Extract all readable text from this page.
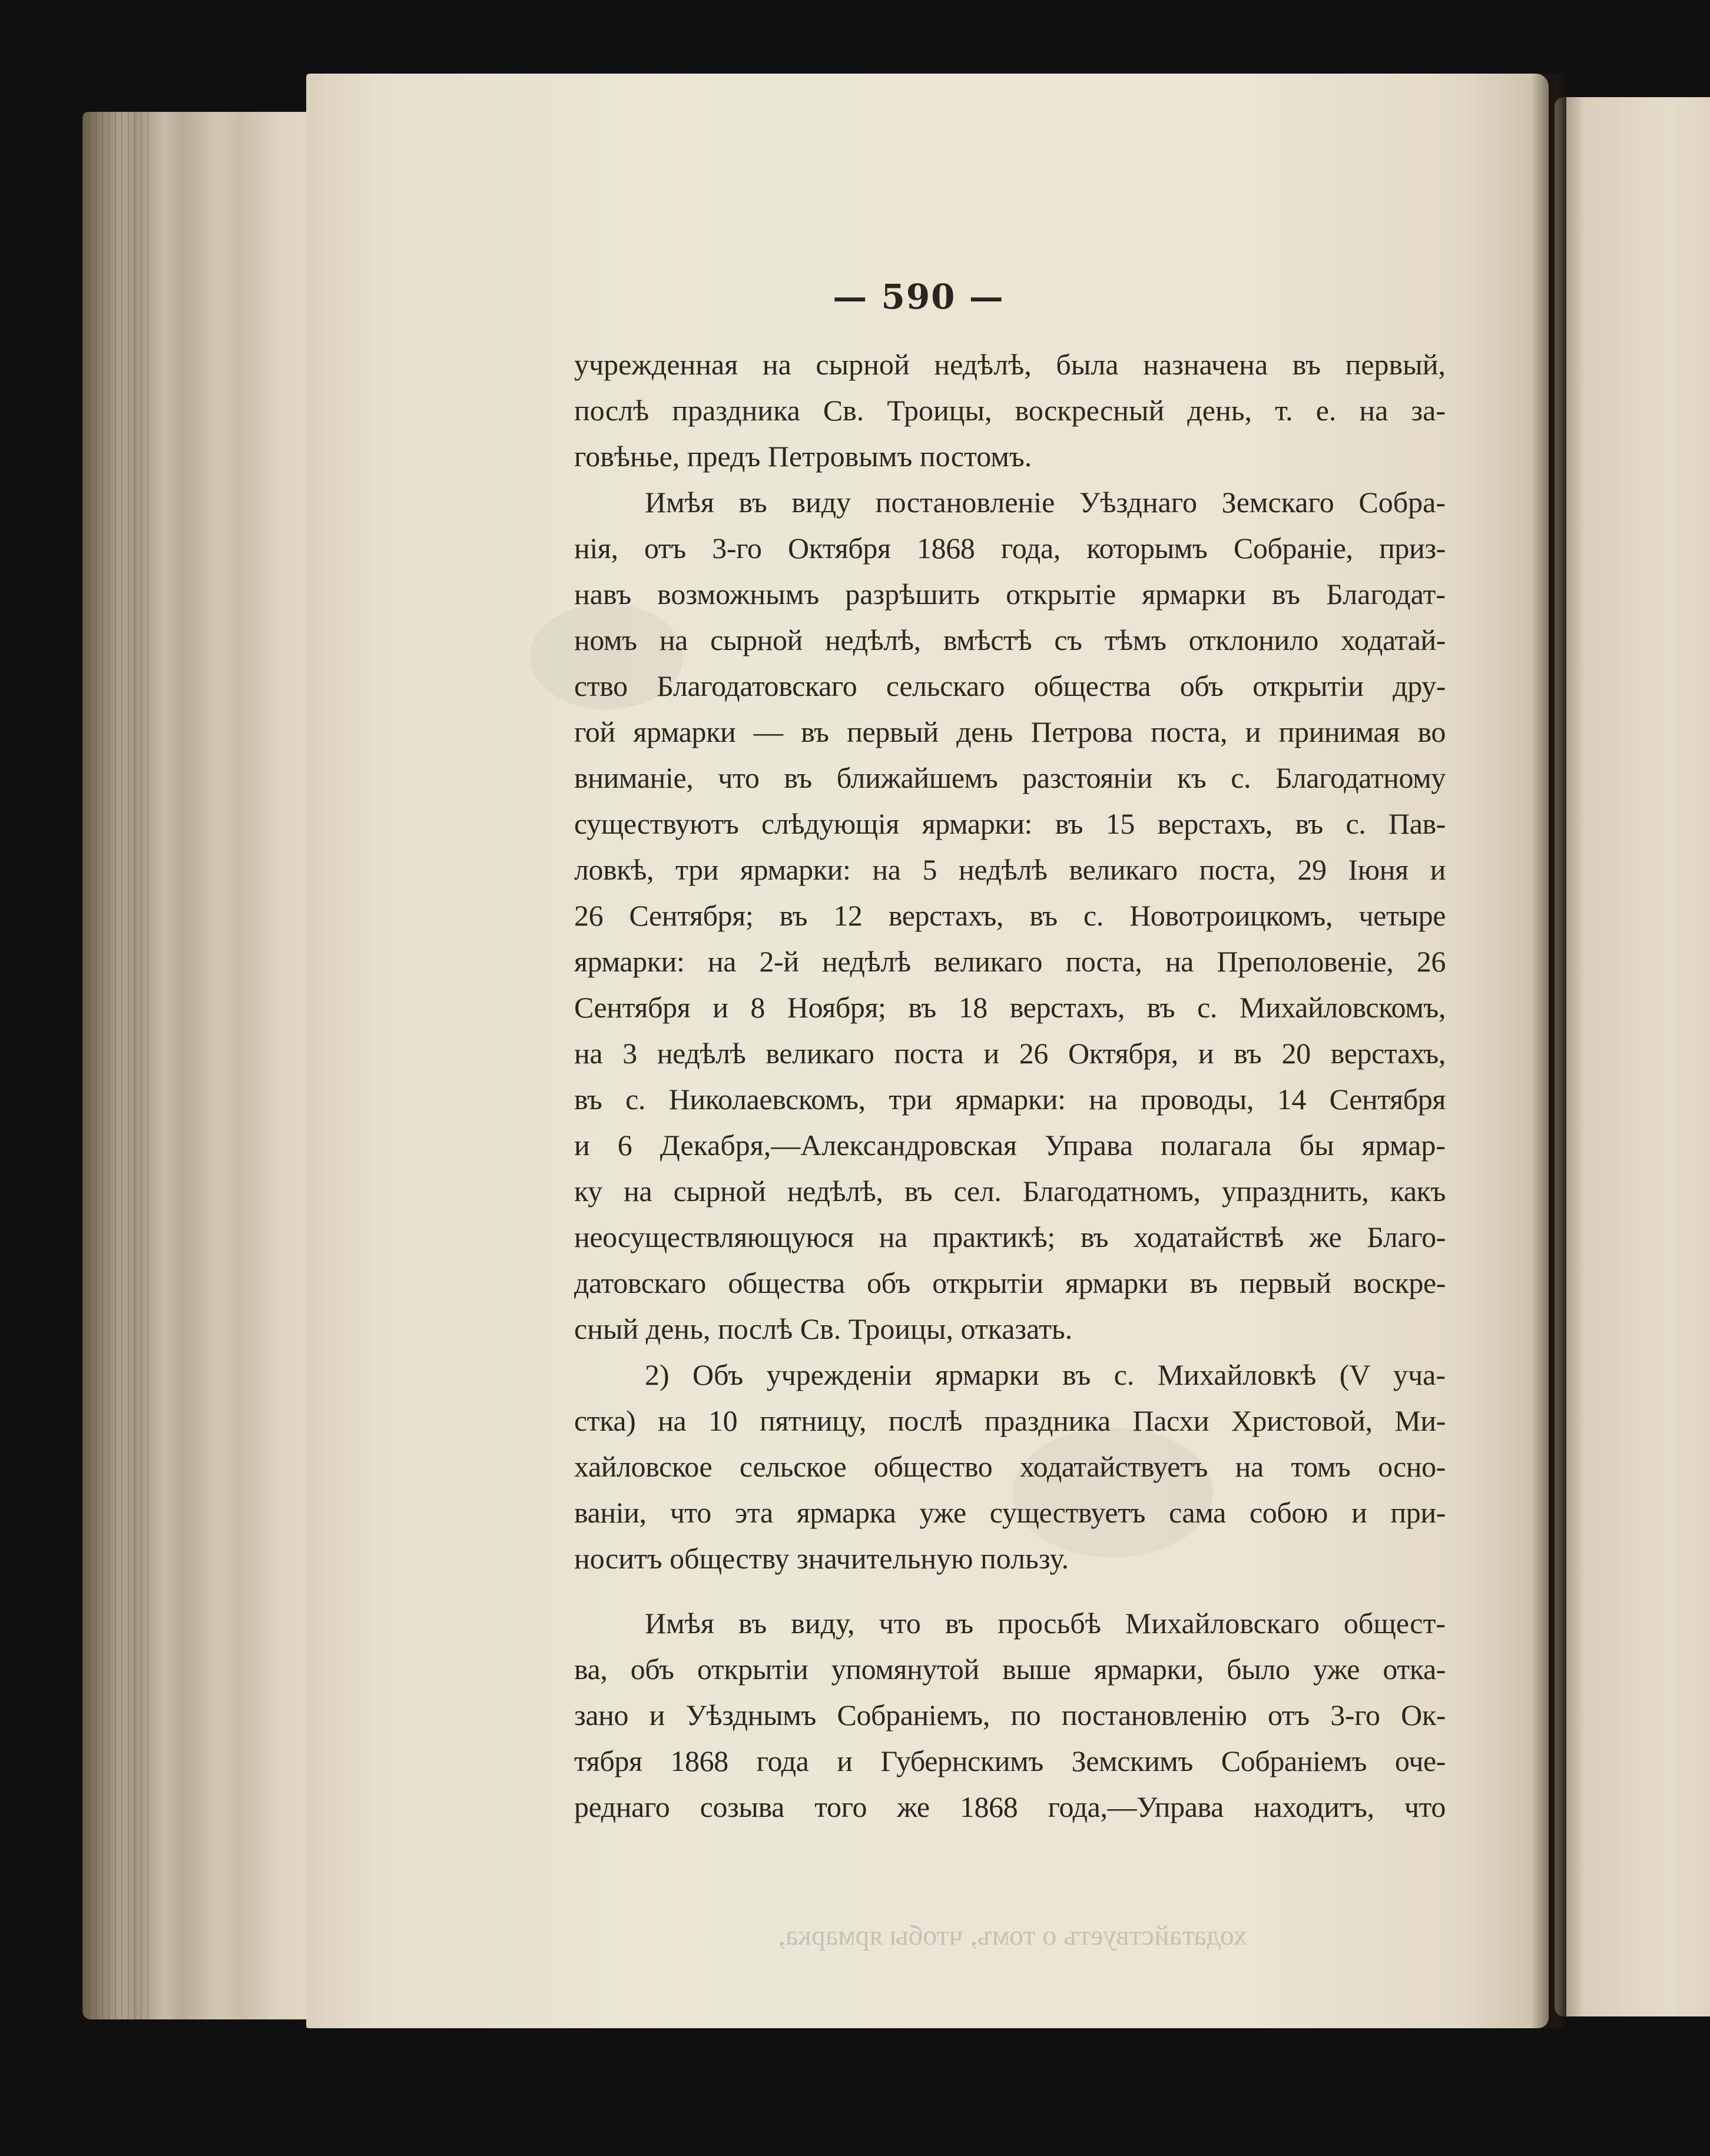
— 590 —
учрежденная на сырной недѣлѣ, была назначена въ первый,
послѣ праздника Св. Троицы, воскресный день, т. е. на за-
говѣнье, предъ Петровымъ постомъ.
Имѣя въ виду постановленіе Уѣзднаго Земскаго Собра-
нія, отъ 3-го Октября 1868 года, которымъ Собраніе, приз-
навъ возможнымъ разрѣшить открытіе ярмарки въ Благодат-
номъ на сырной недѣлѣ, вмѣстѣ съ тѣмъ отклонило ходатай-
ство Благодатовскаго сельскаго общества объ открытіи дру-
гой ярмарки — въ первый день Петрова поста, и принимая во
вниманіе, что въ ближайшемъ разстояніи къ с. Благодатному
существуютъ слѣдующія ярмарки: въ 15 верстахъ, въ с. Пав-
ловкѣ, три ярмарки: на 5 недѣлѣ великаго поста, 29 Іюня и
26 Сентября; въ 12 верстахъ, въ с. Новотроицкомъ, четыре
ярмарки: на 2-й недѣлѣ великаго поста, на Преполовеніе, 26
Сентября и 8 Ноября; въ 18 верстахъ, въ с. Михайловскомъ,
на 3 недѣлѣ великаго поста и 26 Октября, и въ 20 верстахъ,
въ с. Николаевскомъ, три ярмарки: на проводы, 14 Сентября
и 6 Декабря,—Александровская Управа полагала бы ярмар-
ку на сырной недѣлѣ, въ сел. Благодатномъ, упразднить, какъ
неосуществляющуюся на практикѣ; въ ходатайствѣ же Благо-
датовскаго общества объ открытіи ярмарки въ первый воскре-
сный день, послѣ Св. Троицы, отказать.
2) Объ учрежденіи ярмарки въ с. Михайловкѣ (V уча-
стка) на 10 пятницу, послѣ праздника Пасхи Христовой, Ми-
хайловское сельское общество ходатайствуетъ на томъ осно-
ваніи, что эта ярмарка уже существуетъ сама собою и при-
носитъ обществу значительную пользу.
Имѣя въ виду, что въ просьбѣ Михайловскаго общест-
ва, объ открытіи упомянутой выше ярмарки, было уже отка-
зано и Уѣзднымъ Собраніемъ, по постановленію отъ 3-го Ок-
тября 1868 года и Губернскимъ Земскимъ Собраніемъ оче-
реднаго созыва того же 1868 года,—Управа находитъ, что
ходатайствуетъ о томъ, чтобы ярмарка,
